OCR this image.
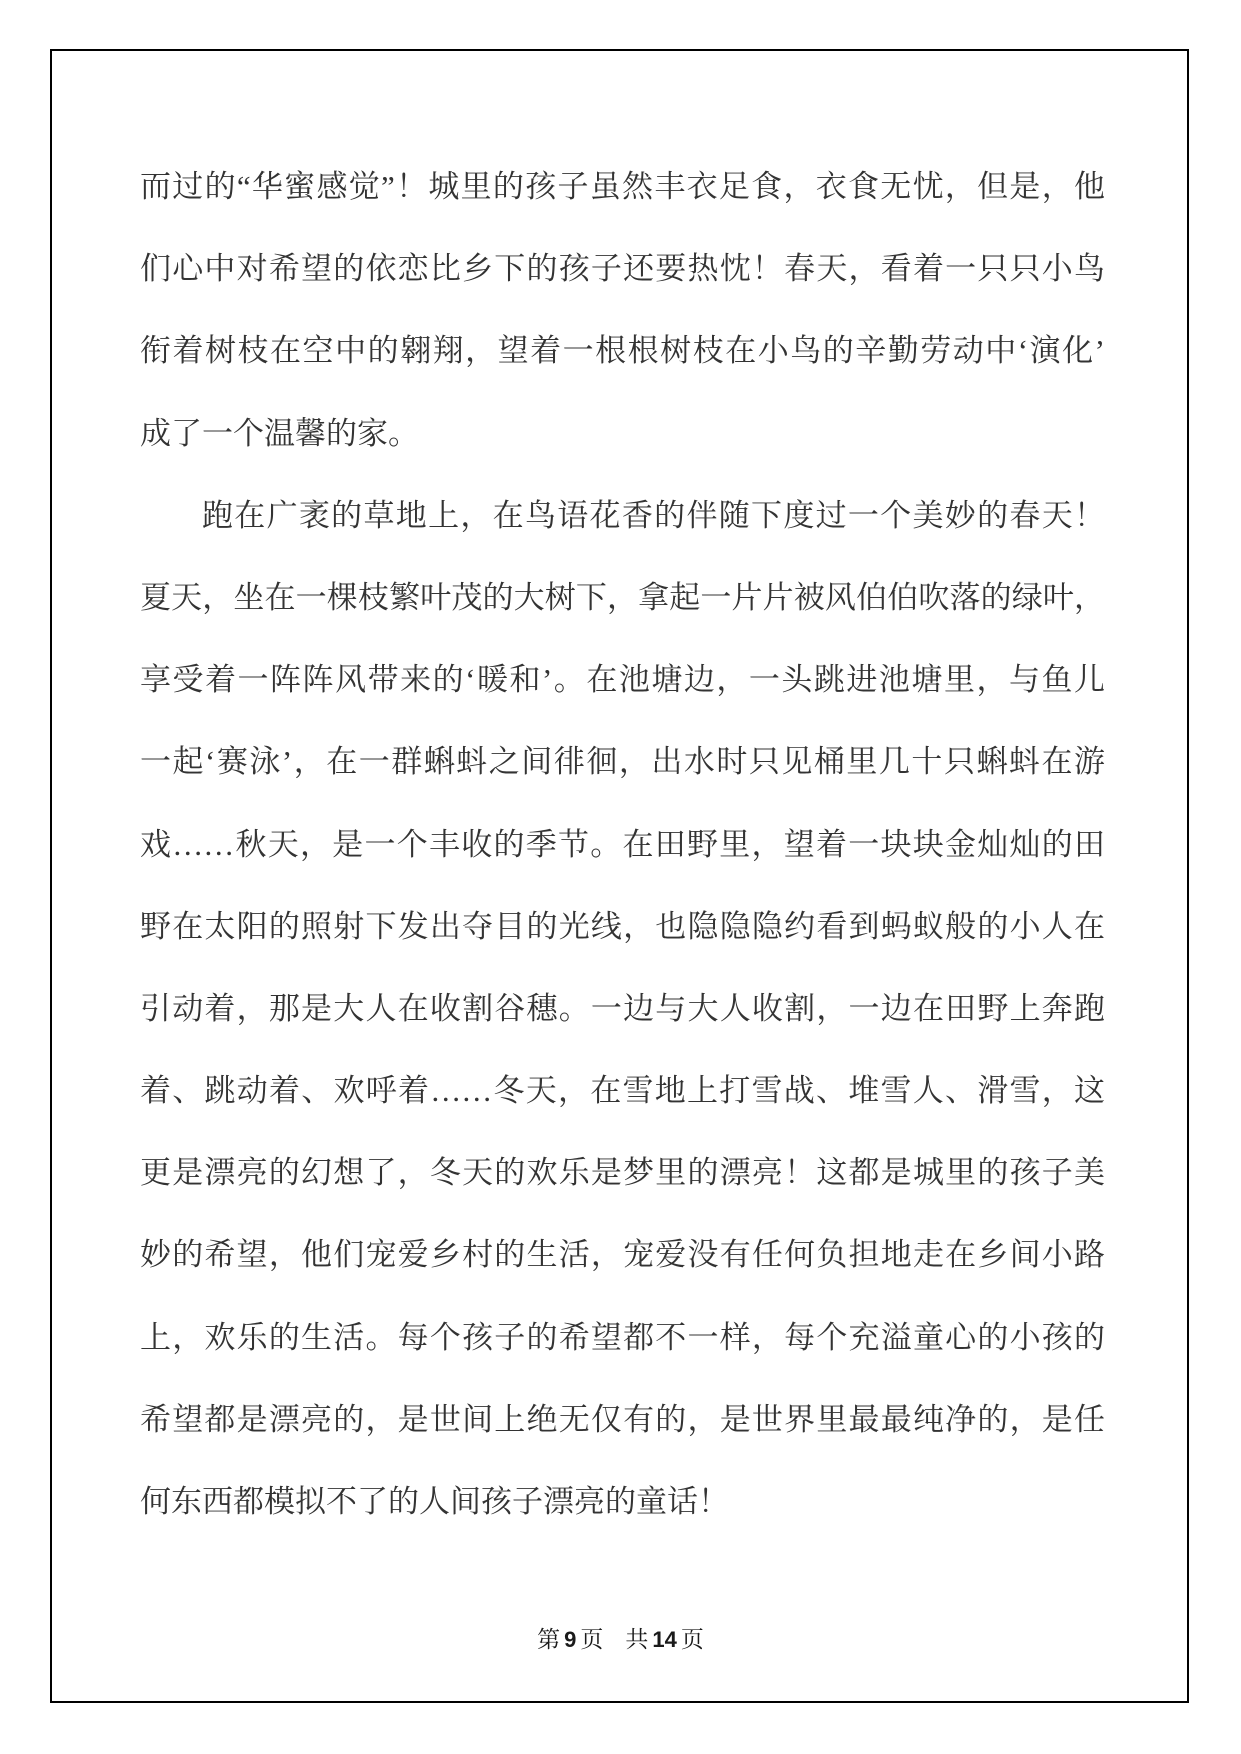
而过的“华蜜感觉”！城里的孩子虽然丰衣足食，衣食无忧，但是，他
们心中对希望的依恋比乡下的孩子还要热忱！春天，看着一只只小鸟
衔着树枝在空中的翱翔，望着一根根树枝在小鸟的辛勤劳动中‘演化’
成了一个温馨的家。
跑在广袤的草地上，在鸟语花香的伴随下度过一个美妙的春天！
夏天，坐在一棵枝繁叶茂的大树下，拿起一片片被风伯伯吹落的绿叶，
享受着一阵阵风带来的‘暖和’。在池塘边，一头跳进池塘里，与鱼儿
一起‘赛泳’，在一群蝌蚪之间徘徊，出水时只见桶里几十只蝌蚪在游
戏……秋天，是一个丰收的季节。在田野里，望着一块块金灿灿的田
野在太阳的照射下发出夺目的光线，也隐隐隐约看到蚂蚁般的小人在
引动着，那是大人在收割谷穗。一边与大人收割，一边在田野上奔跑
着、跳动着、欢呼着……冬天，在雪地上打雪战、堆雪人、滑雪，这
更是漂亮的幻想了，冬天的欢乐是梦里的漂亮！这都是城里的孩子美
妙的希望，他们宠爱乡村的生活，宠爱没有任何负担地走在乡间小路
上，欢乐的生活。每个孩子的希望都不一样，每个充溢童心的小孩的
希望都是漂亮的，是世间上绝无仅有的，是世界里最最纯净的，是任
何东西都模拟不了的人间孩子漂亮的童话！
第 9 页 共 14 页
